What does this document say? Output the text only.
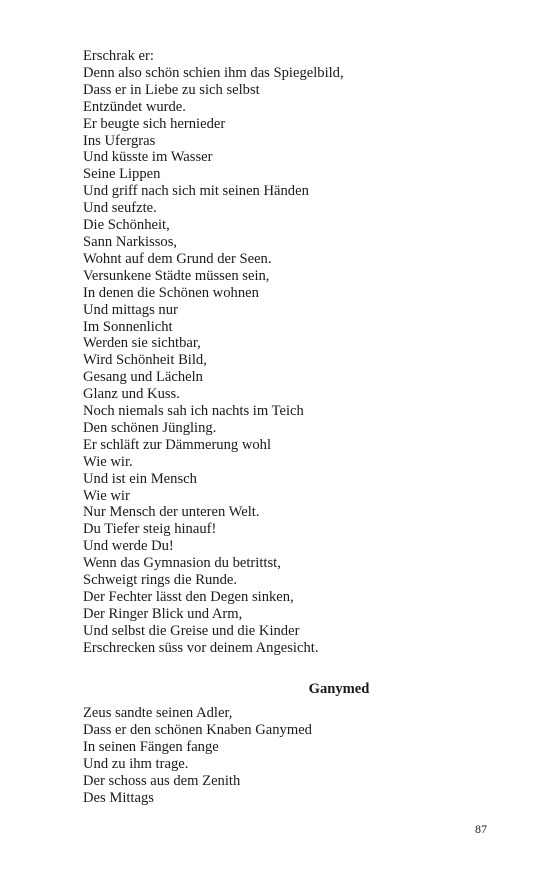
Erschrak er:
Denn also schön schien ihm das Spiegelbild,
Dass er in Liebe zu sich selbst
Entzündet wurde.
Er beugte sich hernieder
Ins Ufergras
Und küsste im Wasser
Seine Lippen
Und griff nach sich mit seinen Händen
Und seufzte.
Die Schönheit,
Sann Narkissos,
Wohnt auf dem Grund der Seen.
Versunkene Städte müssen sein,
In denen die Schönen wohnen
Und mittags nur
Im Sonnenlicht
Werden sie sichtbar,
Wird Schönheit Bild,
Gesang und Lächeln
Glanz und Kuss.
Noch niemals sah ich nachts im Teich
Den schönen Jüngling.
Er schläft zur Dämmerung wohl
Wie wir.
Und ist ein Mensch
Wie wir
Nur Mensch der unteren Welt.
Du Tiefer steig hinauf!
Und werde Du!
Wenn das Gymnasion du betrittst,
Schweigt rings die Runde.
Der Fechter lässt den Degen sinken,
Der Ringer Blick und Arm,
Und selbst die Greise und die Kinder
Erschrecken süss vor deinem Angesicht.
Ganymed
Zeus sandte seinen Adler,
Dass er den schönen Knaben Ganymed
In seinen Fängen fange
Und zu ihm trage.
Der schoss aus dem Zenith
Des Mittags
87
